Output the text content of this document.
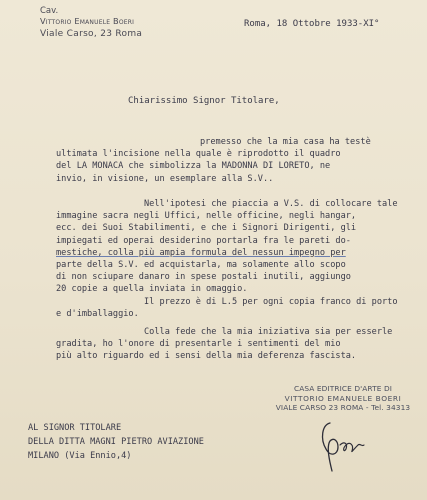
Cav.
Vittorio Emanuele Boeri
Viale Carso, 23 Roma
Roma, 18 Ottobre 1933-XI°
Chiarissimo Signor Titolare,
premesso che la mia casa ha testè
ultimata l'incisione nella quale è riprodotto il quadro
del LA MONACA che simbolizza la MADONNA DI LORETO, ne
invio, in visione, un esemplare alla S.V..
Nell'ipotesi che piaccia a V.S. di collocare tale
immagine sacra negli Uffici, nelle officine, negli hangar,
ecc. dei Suoi Stabilimenti, e che i Signori Dirigenti, gli
impiegati ed operai desiderino portarla fra le pareti do-
mestiche, colla più ampia formula del nessun impegno per
parte della S.V. ed acquistarla, ma solamente allo scopo
di non sciupare danaro in spese postali inutili, aggiungo
20 copie a quella inviata in omaggio.
Il prezzo è di L.5 per ogni copia franco di porto
e d'imballaggio.
Colla fede che la mia iniziativa sia per esserle
gradita, ho l'onore di presentarle i sentimenti del mio
più alto riguardo ed i sensi della mia deferenza fascista.
CASA EDITRICE D'ARTE DI
VITTORIO EMANUELE BOERI
VIALE CARSO 23 ROMA - Tel. 34313
AL SIGNOR TITOLARE
DELLA DITTA MAGNI PIETRO AVIAZIONE
MILANO (Via Ennio,4)
